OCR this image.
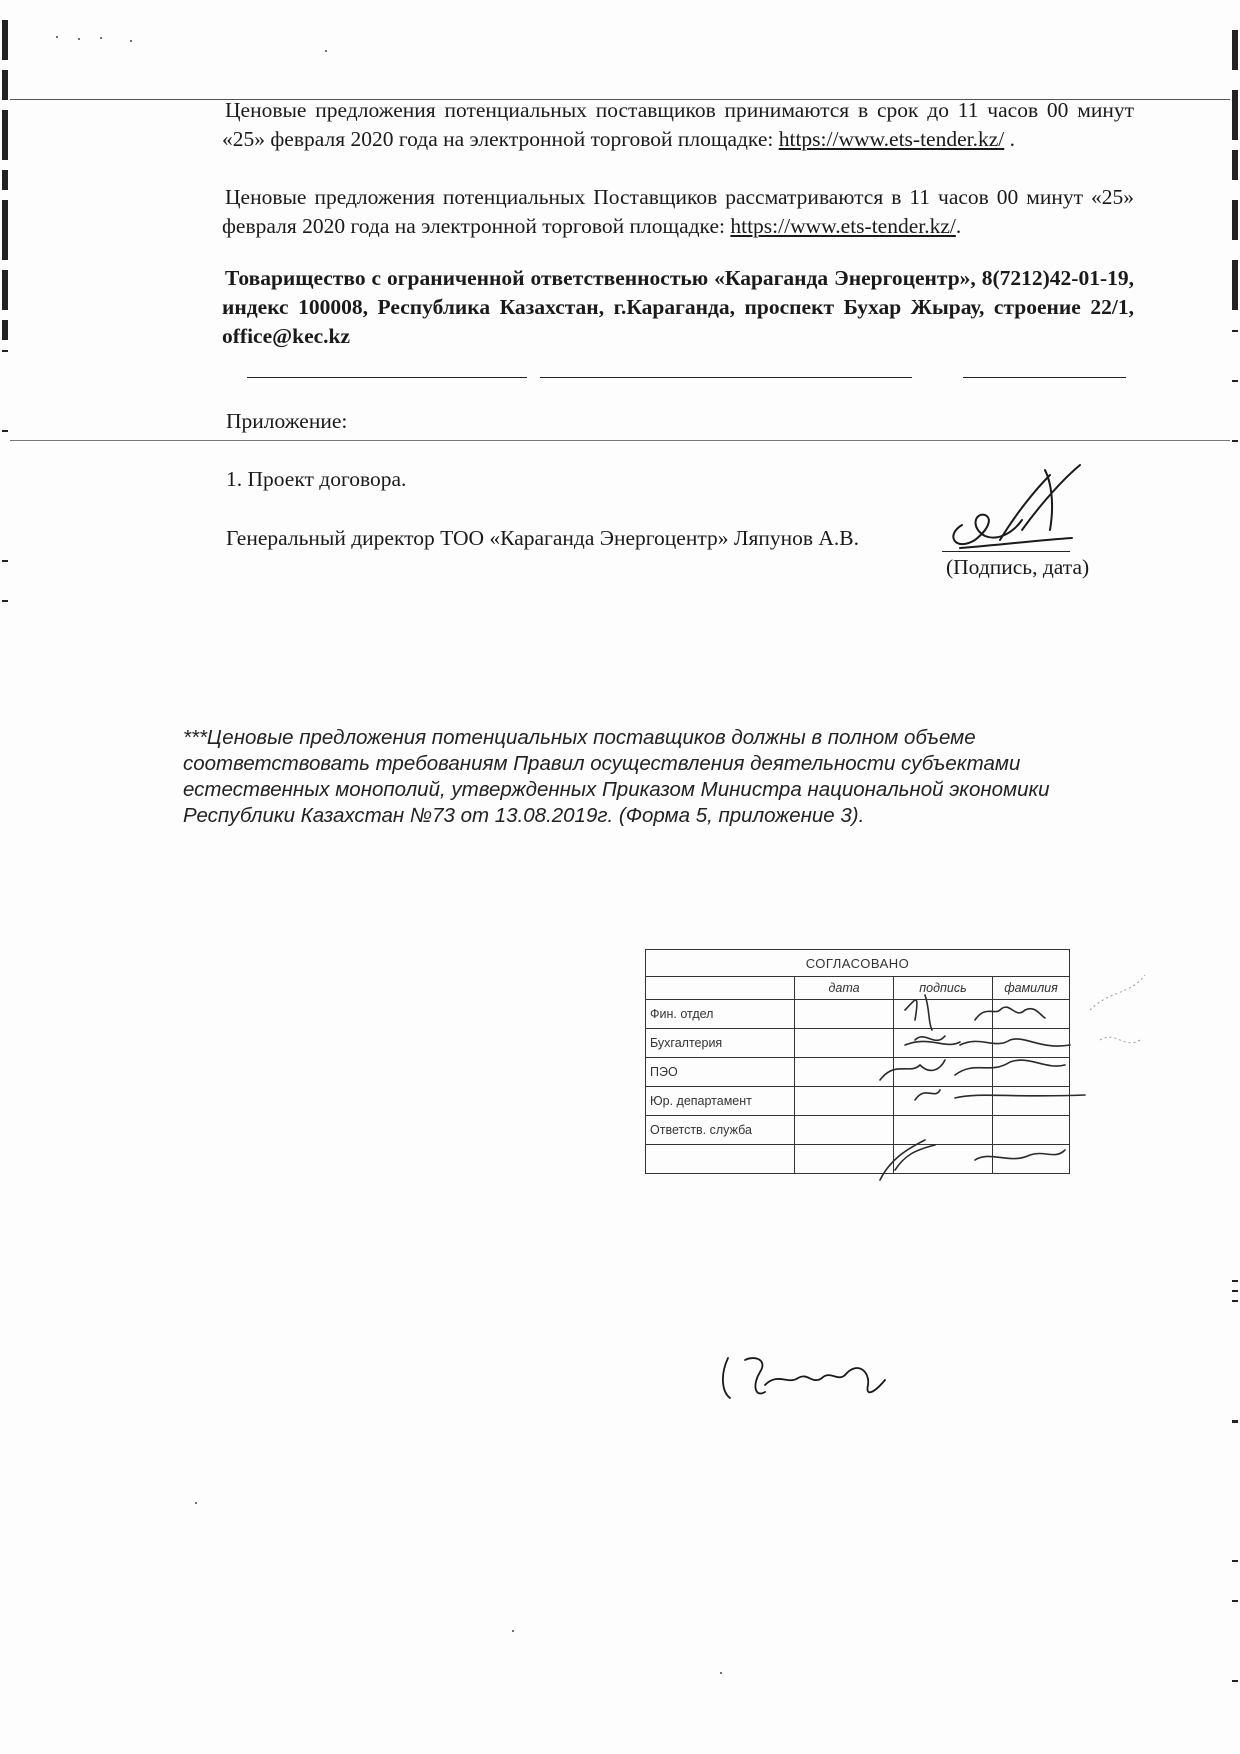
Ценовые предложения потенциальных поставщиков принимаются в срок до 11 часов 00 минут «25» февраля 2020 года на электронной торговой площадке: https://www.ets-tender.kz/ .
Ценовые предложения потенциальных Поставщиков рассматриваются в 11 часов 00 минут «25» февраля 2020 года на электронной торговой площадке: https://www.ets-tender.kz/.
Товарищество с ограниченной ответственностью «Караганда Энергоцентр», 8(7212)42-01-19, индекс 100008, Республика Казахстан, г.Караганда, проспект Бухар Жырау, строение 22/1, office@kec.kz
Приложение:
1. Проект договора.
Генеральный директор ТОО «Караганда Энергоцентр» Ляпунов А.В.
(Подпись, дата)
***Ценовые предложения потенциальных поставщиков должны в полном объеме соответствовать требованиям Правил осуществления деятельности субъектами естественных монополий, утвержденных Приказом Министра национальной экономики Республики Казахстан №73 от 13.08.2019г. (Форма 5, приложение 3).
СОГЛАСОВАНО			
	дата	подпись	фамилия
Фин. отдел			
Бухгалтерия			
ПЭО			
Юр. департамент			
Ответств. служба			
